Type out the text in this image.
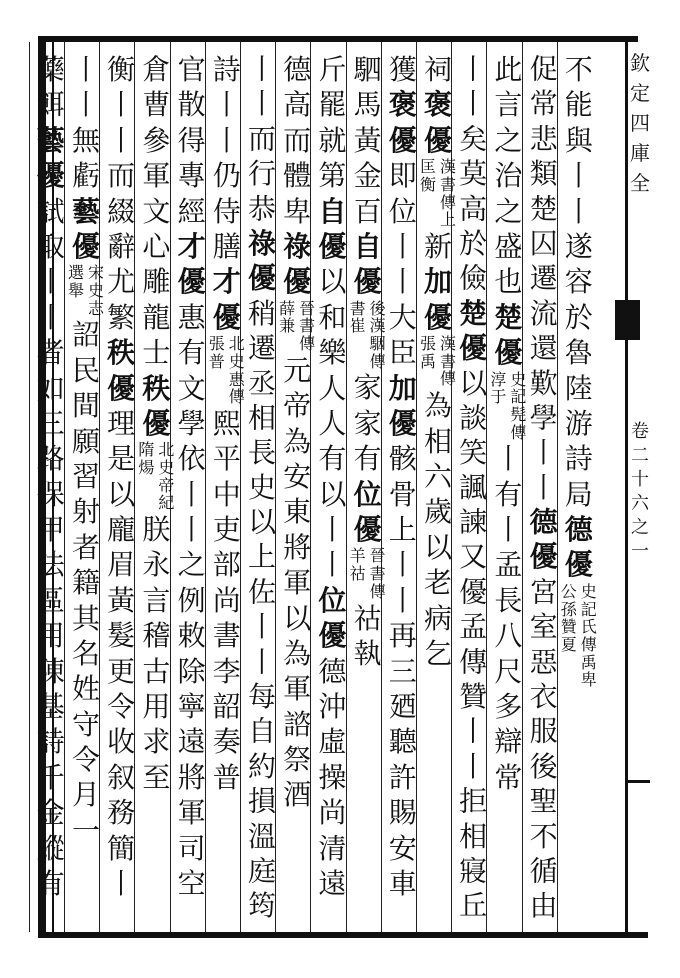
欽
定
四
庫
全
卷
二
十
六
之
一
不
能
與
丨
丨
遂
容
於
魯
陸
游
詩
局
德
優
史
記
公
孫
氏
傳
贊
夏
禹
卑
促
常
悲
類
楚
囚
遷
流
還
歎
學
丨
丨
德
優
宮
室
惡
衣
服
後
聖
不
循
由
此
言
之
治
之
盛
也
楚
優
史
記
淳
于
髡
傳
丨
有
丨
孟
長
八
尺
多
辯
常
丨
丨
矣
莫
高
於
儉
楚
優
以
談
笑
諷
諫
又
優
孟
傳
贊
丨
丨
拒
相
寢
丘
祠
褒
優
漢
書
匡
衡
傳
上
新
加
優
漢
書
張
禹
傳
為
相
六
歲
以
老
病
乞
獲
褒
優
即
位
丨
丨
大
臣
加
優
骸
骨
上
丨
丨
再
三
廼
聽
許
賜
安
車
駟
馬
黃
金
百
自
優
後
漢
書
崔
駰
傳
家
家
有
位
優
晉
書
羊
祜
傳
祜
執
斤
罷
就
第
自
優
以
和
樂
人
人
有
以
丨
丨
位
優
德
沖
虛
操
尚
清
遠
德
高
而
體
卑
祿
優
晉
書
薛
兼
傳
元
帝
為
安
東
將
軍
以
為
軍
諮
祭
酒
丨
丨
而
行
恭
祿
優
稍
遷
丞
相
長
史
以
上
佐
丨
丨
每
自
約
損
溫
庭
筠
詩
丨
丨
仍
侍
膳
才
優
北
史
張
普
惠
傳
熙
平
中
吏
部
尚
書
李
韶
奏
普
官
散
得
專
經
才
優
惠
有
文
學
依
丨
丨
之
例
敕
除
寧
遠
將
軍
司
空
倉
曹
參
軍
文
心
雕
龍
士
秩
優
北
史
隋
煬
帝
紀
朕
永
言
稽
古
用
求
至
衡
丨
丨
而
綴
辭
尤
繁
秩
優
理
是
以
龐
眉
黃
髮
更
令
收
叙
務
簡
丨
丨
丨
無
虧
藝
優
宋
史
選
舉
志
詔
民
間
願
習
射
者
籍
其
名
姓
守
令
月
一
藥
餌
藝
優
試
取
丨
丨
者
如
三
路
保
甲
法
區
用
陳
基
詩
千
金
縱
有
